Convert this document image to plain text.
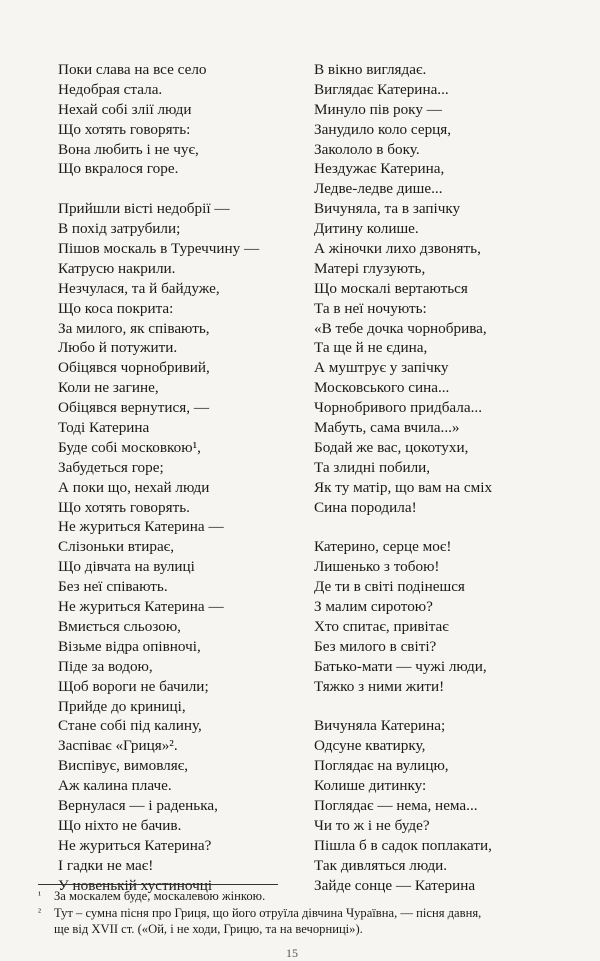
Поки слава на все село
Недобрая стала.
Нехай собі злії люди
Що хотять говорять:
Вона любить і не чує,
Що вкралося горе.
Прийшли вісті недобрії —
В похід затрубили;
Пішов москаль в Туреччину —
Катрусю накрили.
Незчулася, та й байдуже,
Що коса покрита:
За милого, як співають,
Любо й потужити.
Обіцявся чорнобривий,
Коли не загине,
Обіцявся вернутися, —
Тоді Катерина
Буде собі московкою¹,
Забудеться горе;
А поки що, нехай люди
Що хотять говорять.
Не журиться Катерина —
Слізоньки втирає,
Що дівчата на вулиці
Без неї співають.
Не журиться Катерина —
Вмиється сльозою,
Візьме відра опівночі,
Піде за водою,
Щоб вороги не бачили;
Прийде до криниці,
Стане собі під калину,
Заспіває «Гриця»².
Виспівує, вимовляє,
Аж калина плаче.
Вернулася — і раденька,
Що ніхто не бачив.
Не журиться Катерина?
І гадки не має!
У новенькій хустиночці
В вікно виглядає.
Виглядає Катерина...
Минуло пів року —
Занудило коло серця,
Закололо в боку.
Нездужає Катерина,
Ледве-ледве дише...
Вичуняла, та в запічку
Дитину колише.
А жіночки лихо дзвонять,
Матері глузують,
Що москалі вертаються
Та в неї ночують:
«В тебе дочка чорнобрива,
Та ще й не єдина,
А муштрує у запічку
Московського сина...
Чорнобривого придбала...
Мабуть, сама вчила...»
Бодай же вас, цокотухи,
Та злидні побили,
Як ту матір, що вам на сміх
Сина породила!
Катерино, серце моє!
Лишенько з тобою!
Де ти в світі подінешся
З малим сиротою?
Хто спитає, привітає
Без милого в світі?
Батько-мати — чужі люди,
Тяжко з ними жити!
Вичуняла Катерина;
Одсуне кватирку,
Поглядає на вулицю,
Колише дитинку:
Поглядає — нема, нема...
Чи то ж і не буде?
Пішла б в садок поплакати,
Так дивляться люди.
Зайде сонце — Катерина
¹ За москалем буде, москалевою жінкою.
² Тут – сумна пісня про Гриця, що його отруїла дівчина Чураївна, — пісня давня,
ще від XVII ст. («Ой, і не ходи, Грицю, та на вечорниці»).
15
